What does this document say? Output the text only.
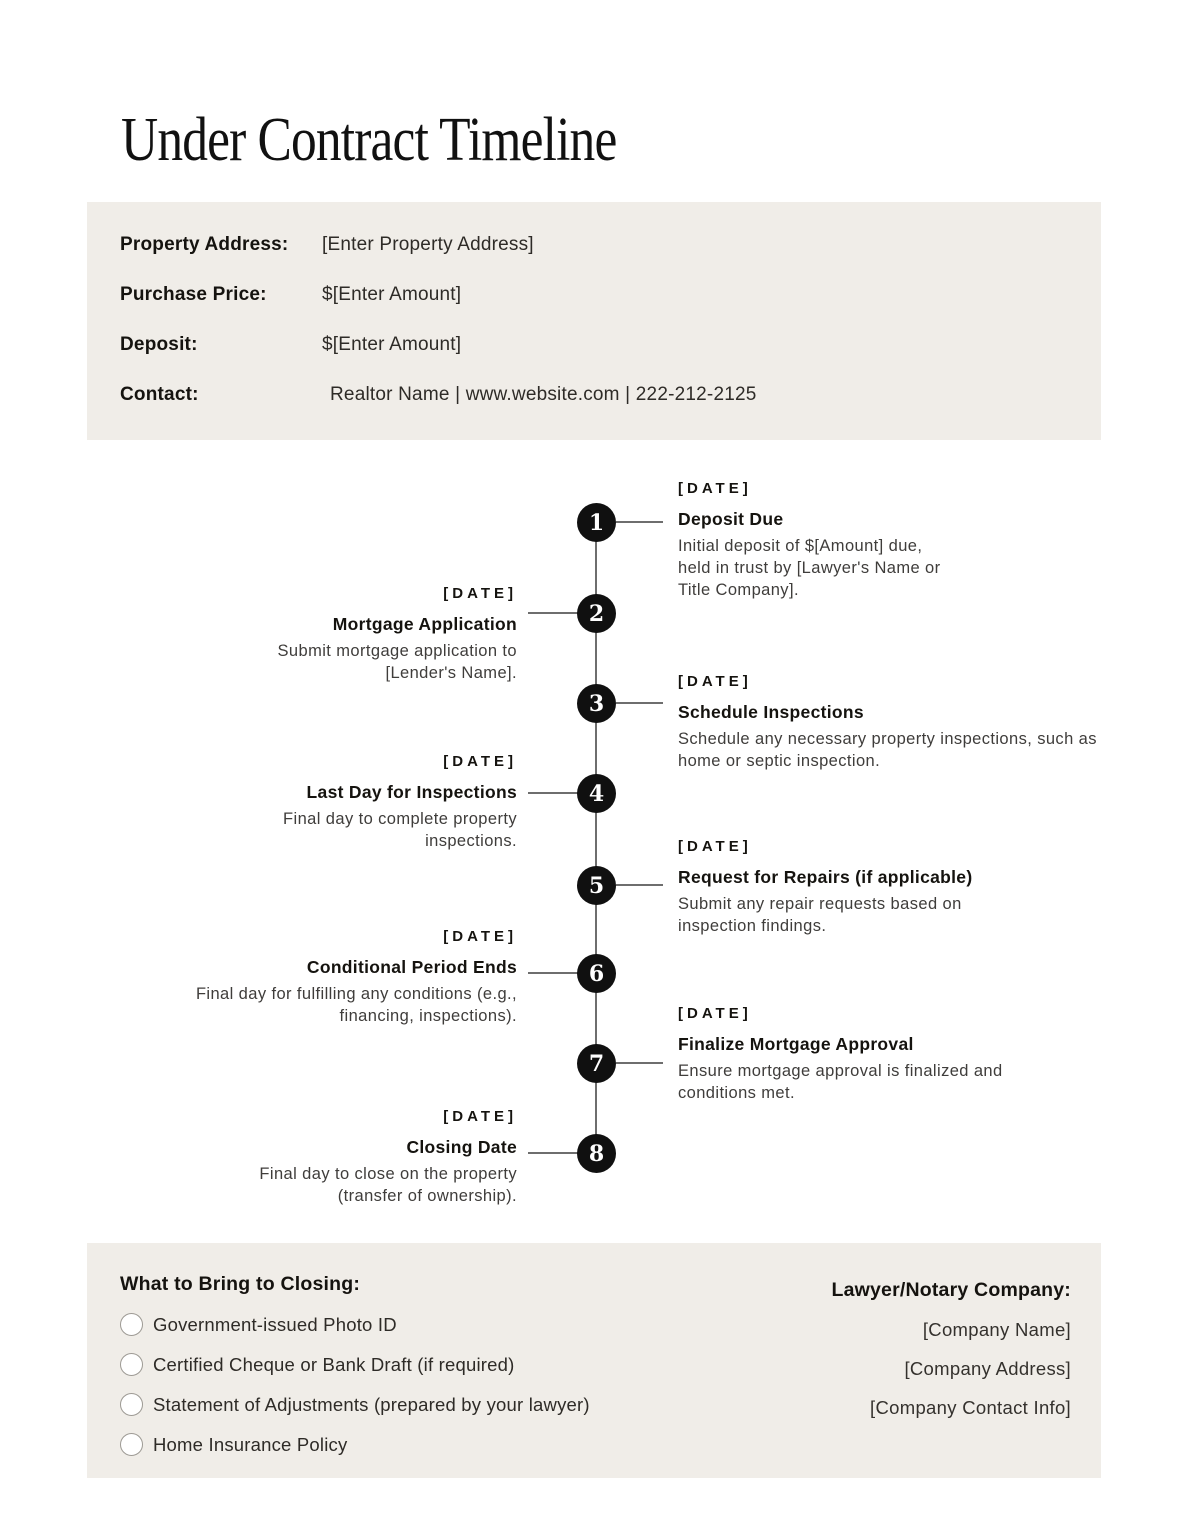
Under Contract Timeline
Property Address:	[Enter Property Address]
Purchase Price:	$[Enter Amount]
Deposit:	$[Enter Amount]
Contact:	Realtor Name | www.website.com | 222-212-2125
1
2
3
4
5
6
7
8
[DATE]
Deposit Due
Initial deposit of $[Amount] due, held in trust by [Lawyer's Name or Title Company].
[DATE]
Mortgage Application
Submit mortgage application to [Lender's Name].	[DATE]
Schedule Inspections
Schedule any necessary property inspections, such as home or septic inspection.
[DATE]
Last Day for Inspections
Final day to complete property inspections.	[DATE]
Request for Repairs (if applicable)
Submit any repair requests based on inspection findings.
[DATE]
Conditional Period Ends
Final day for fulfilling any conditions (e.g., financing, inspections).	[DATE]
Finalize Mortgage Approval
Ensure mortgage approval is finalized and conditions met.
[DATE]
Closing Date
Final day to close on the property (transfer of ownership).
What to Bring to Closing:
Government-issued Photo ID
Certified Cheque or Bank Draft (if required)
Statement of Adjustments (prepared by your lawyer)
Home Insurance Policy
Lawyer/Notary Company:
[Company Name]
[Company Address]
[Company Contact Info]
